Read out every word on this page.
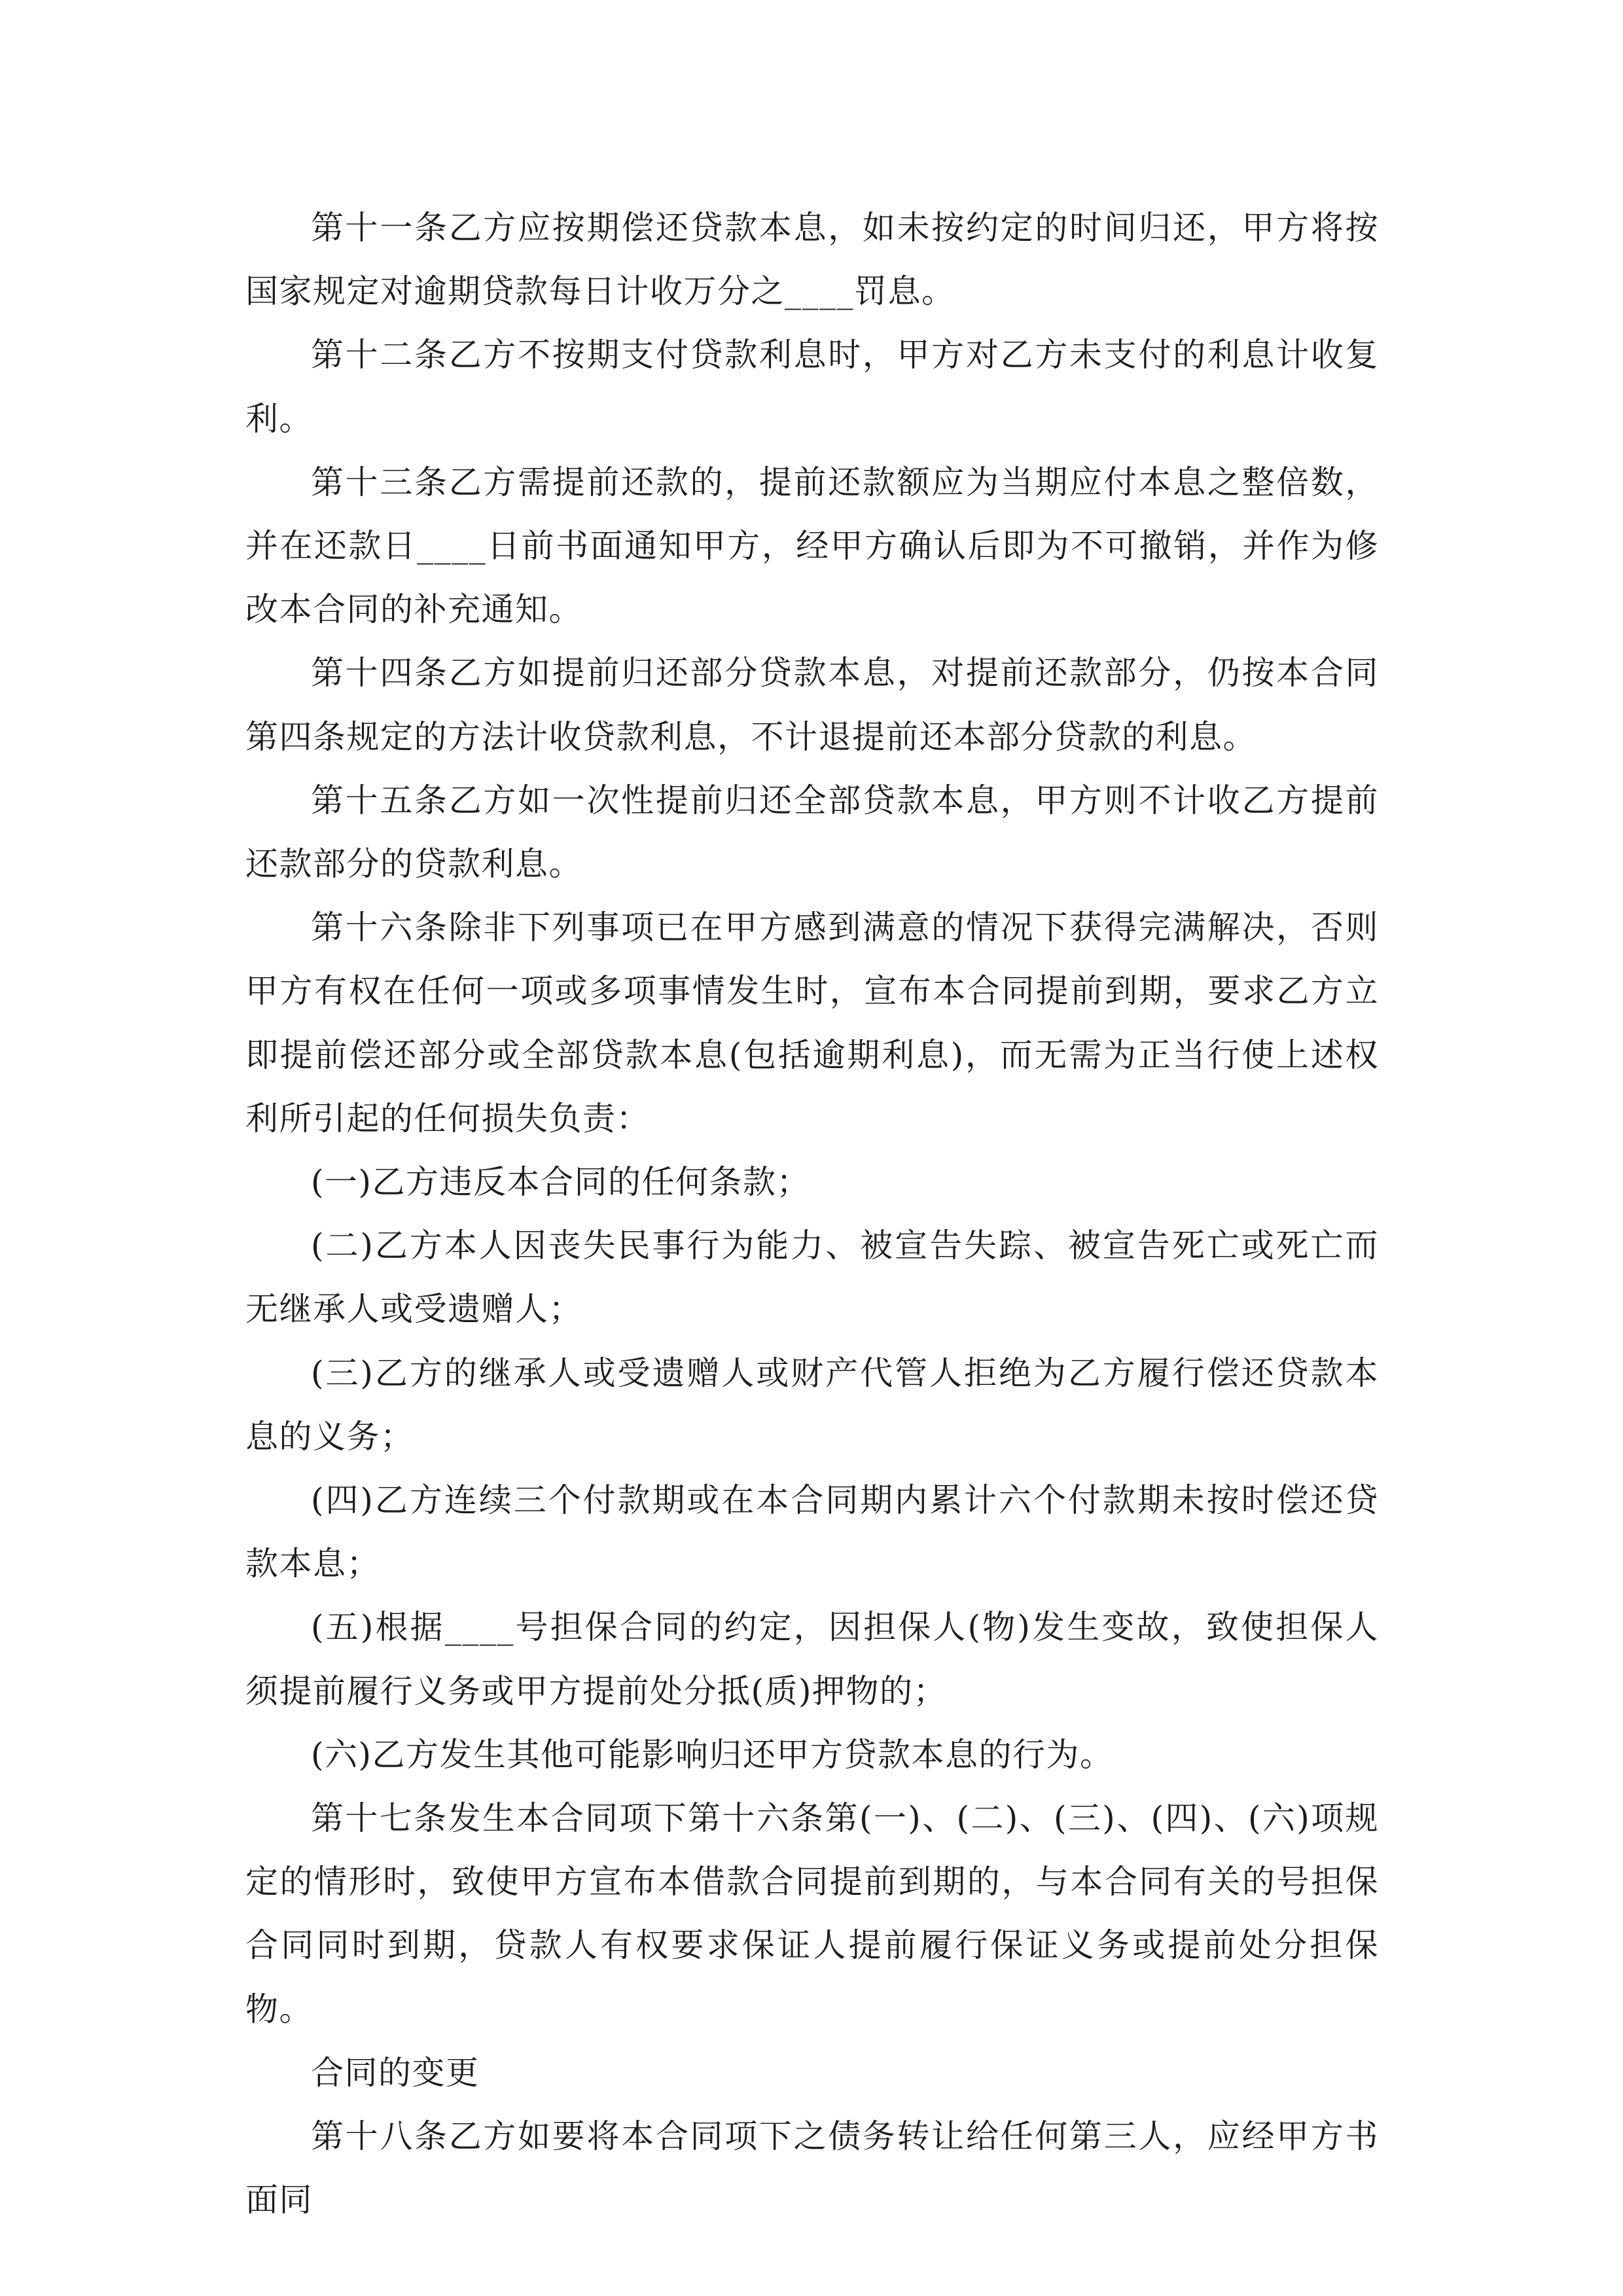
第十一条乙方应按期偿还贷款本息，如未按约定的时间归还，甲方将按国家规定对逾期贷款每日计收万分之____罚息。

第十二条乙方不按期支付贷款利息时，甲方对乙方未支付的利息计收复利。

第十三条乙方需提前还款的，提前还款额应为当期应付本息之整倍数，并在还款日____日前书面通知甲方，经甲方确认后即为不可撤销，并作为修改本合同的补充通知。

第十四条乙方如提前归还部分贷款本息，对提前还款部分，仍按本合同第四条规定的方法计收贷款利息，不计退提前还本部分贷款的利息。

第十五条乙方如一次性提前归还全部贷款本息，甲方则不计收乙方提前还款部分的贷款利息。

第十六条除非下列事项已在甲方感到满意的情况下获得完满解决，否则甲方有权在任何一项或多项事情发生时，宣布本合同提前到期，要求乙方立即提前偿还部分或全部贷款本息(包括逾期利息)，而无需为正当行使上述权利所引起的任何损失负责：

(一)乙方违反本合同的任何条款；

(二)乙方本人因丧失民事行为能力、被宣告失踪、被宣告死亡或死亡而无继承人或受遗赠人；

(三)乙方的继承人或受遗赠人或财产代管人拒绝为乙方履行偿还贷款本息的义务；

(四)乙方连续三个付款期或在本合同期内累计六个付款期未按时偿还贷款本息；

(五)根据____号担保合同的约定，因担保人(物)发生变故，致使担保人须提前履行义务或甲方提前处分抵(质)押物的；

(六)乙方发生其他可能影响归还甲方贷款本息的行为。

第十七条发生本合同项下第十六条第(一)、(二)、(三)、(四)、(六)项规定的情形时，致使甲方宣布本借款合同提前到期的，与本合同有关的号担保合同同时到期，贷款人有权要求保证人提前履行保证义务或提前处分担保物。

合同的变更

第十八条乙方如要将本合同项下之债务转让给任何第三人，应经甲方书面同
